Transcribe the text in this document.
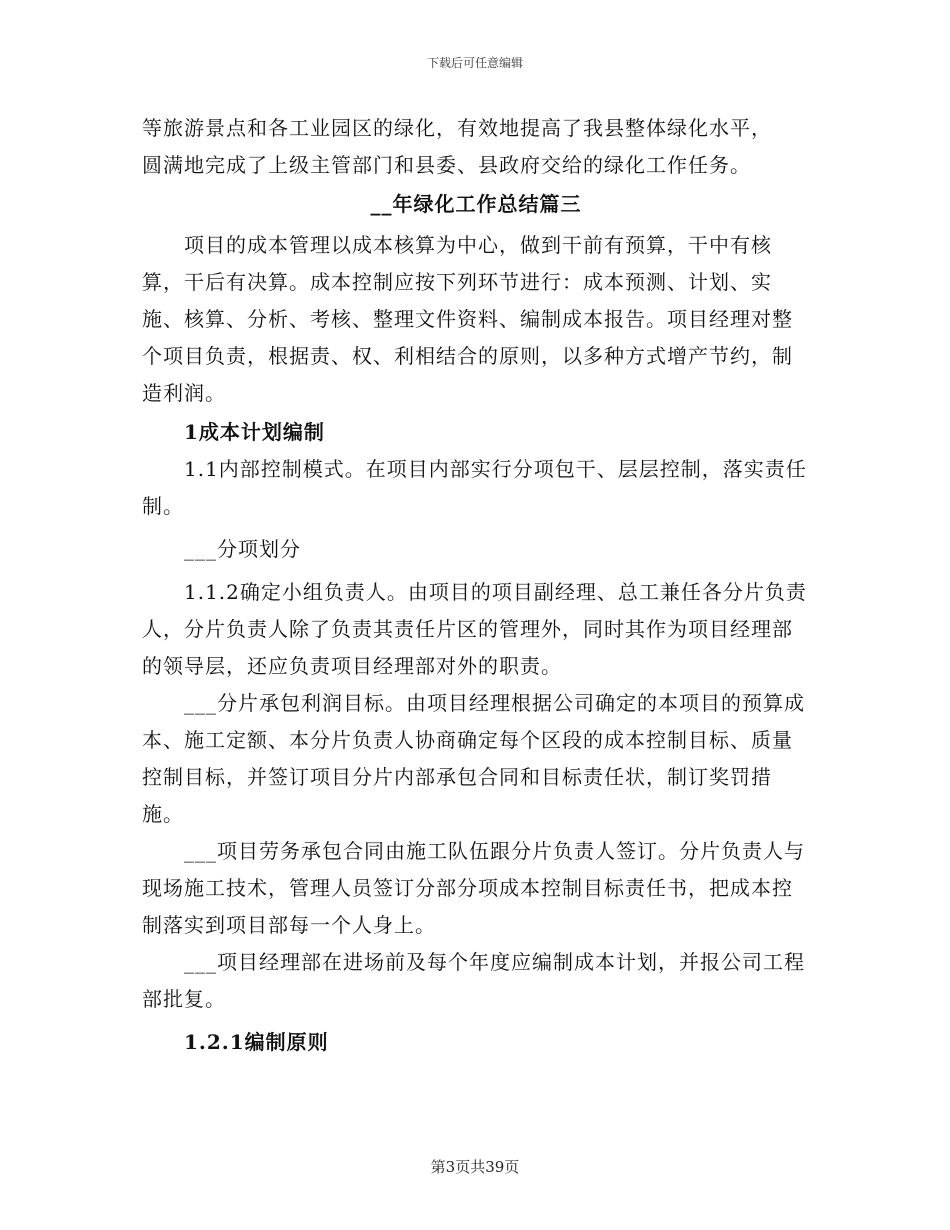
下载后可任意编辑

等旅游景点和各工业园区的绿化，有效地提高了我县整体绿化水平，

圆满地完成了上级主管部门和县委、县政府交给的绿化工作任务。

__年绿化工作总结篇三

项目的成本管理以成本核算为中心，做到干前有预算，干中有核算，干后有决算。成本控制应按下列环节进行：成本预测、计划、实施、核算、分析、考核、整理文件资料、编制成本报告。项目经理对整个项目负责，根据责、权、利相结合的原则，以多种方式增产节约，制造利润。

1成本计划编制

1.1内部控制模式。在项目内部实行分项包干、层层控制，落实责任制。

___分项划分

1.1.2确定小组负责人。由项目的项目副经理、总工兼任各分片负责人，分片负责人除了负责其责任片区的管理外，同时其作为项目经理部的领导层，还应负责项目经理部对外的职责。

___分片承包利润目标。由项目经理根据公司确定的本项目的预算成本、施工定额、本分片负责人协商确定每个区段的成本控制目标、质量控制目标，并签订项目分片内部承包合同和目标责任状，制订奖罚措施。

___项目劳务承包合同由施工队伍跟分片负责人签订。分片负责人与现场施工技术，管理人员签订分部分项成本控制目标责任书，把成本控制落实到项目部每一个人身上。

___项目经理部在进场前及每个年度应编制成本计划，并报公司工程部批复。

1.2.1编制原则

第3页共39页
